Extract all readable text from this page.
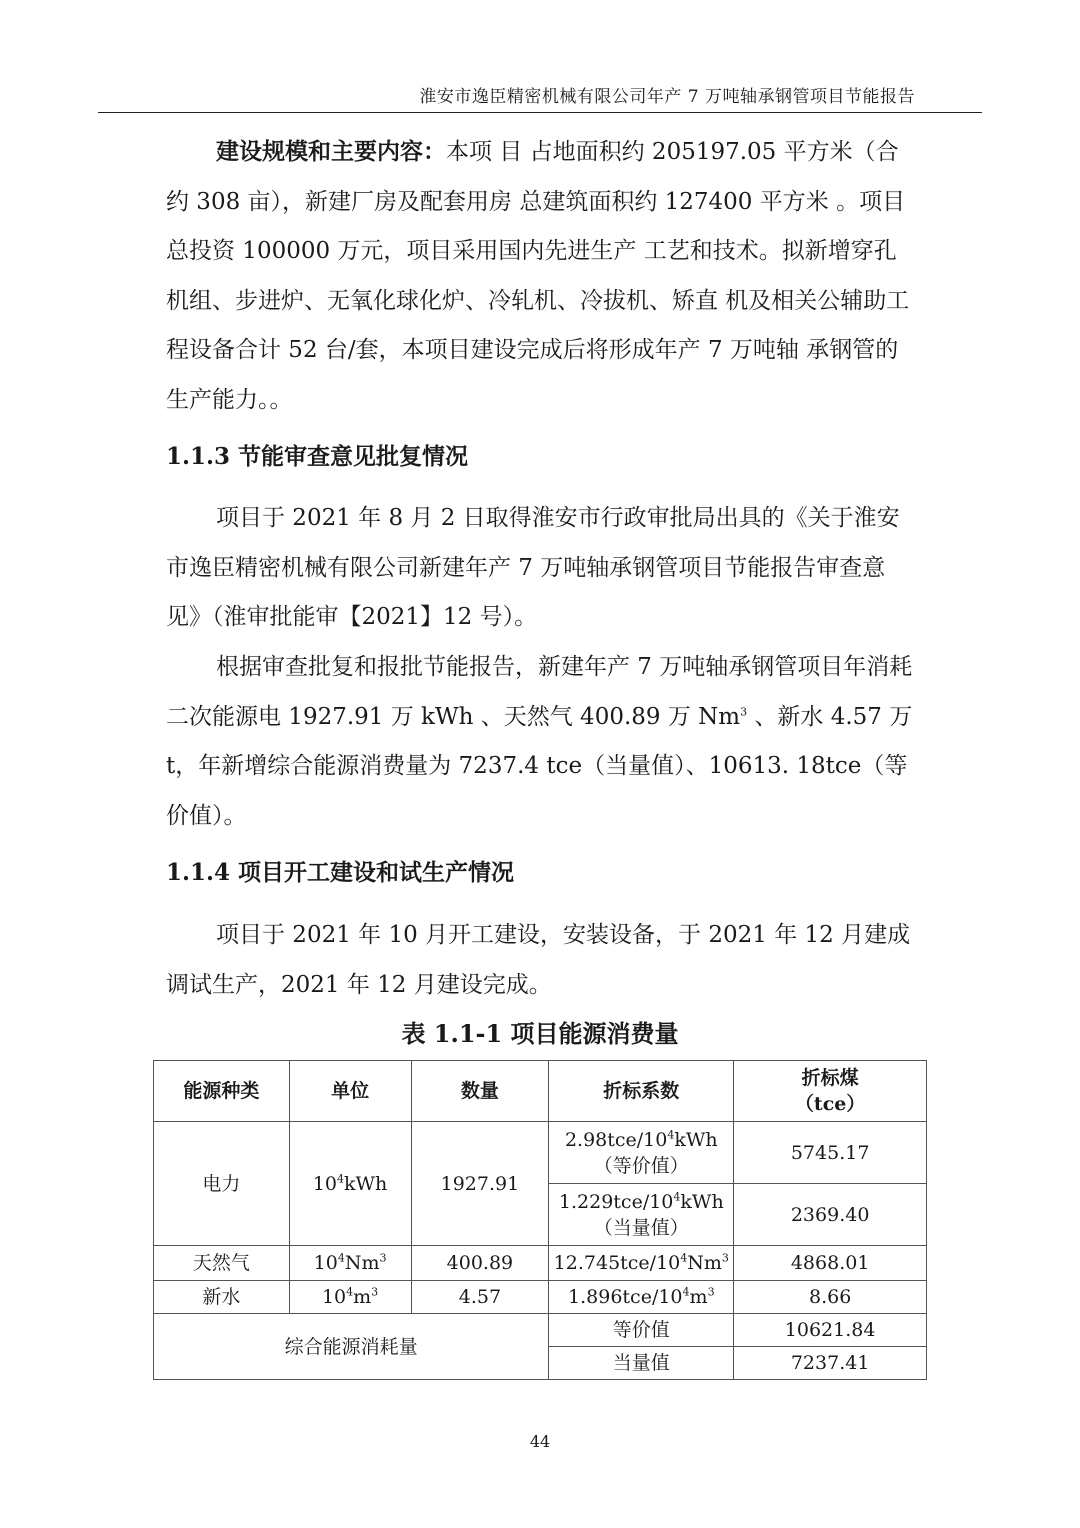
淮安市逸臣精密机械有限公司年产 7 万吨轴承钢管项目节能报告

建设规模和主要内容：本项 目 占地面积约 205197.05 平方米（合约 308 亩），新建厂房及配套用房 总建筑面积约 127400 平方米 。项目总投资 100000 万元，项目采用国内先进生产 工艺和技术。拟新增穿孔机组、步进炉、无氧化球化炉、冷轧机、冷拔机、矫直 机及相关公辅助工程设备合计 52 台/套，本项目建设完成后将形成年产 7 万吨轴 承钢管的生产能力。。

1.1.3 节能审查意见批复情况

项目于 2021 年 8 月 2 日取得淮安市行政审批局出具的《关于淮安市逸臣精密机械有限公司新建年产 7 万吨轴承钢管项目节能报告审查意见》（淮审批能审【2021】12 号）。

根据审查批复和报批节能报告，新建年产 7 万吨轴承钢管项目年消耗二次能源电 1927.91 万 kWh 、天然气 400.89 万 Nm$^3$ 、新水 4.57 万 t，年新增综合能源消费量为 7237.4 tce（当量值）、10613. 18tce（等价值）。

1.1.4 项目开工建设和试生产情况

项目于 2021 年 10 月开工建设，安装设备，于 2021 年 12 月建成调试生产，2021 年 12 月建设完成。

表 1.1-1 项目能源消费量
能源种类	单位	数量	折标系数	折标煤
（tce）
电力	$10^4kWh$	1927.91	$2.98tce/10^4kWh$
（等价值）	5745.17
			$1.229tce/10^4kWh$
（当量值）	2369.40
天然气	$10^4Nm^3$	400.89	$12.745tce/10^4Nm^3$	4868.01
新水	$10^4m^3$	4.57	$1.896tce/10^4m^3$	8.66
综合能源消耗量			等价值	10621.84
			当量值	7237.41
44
